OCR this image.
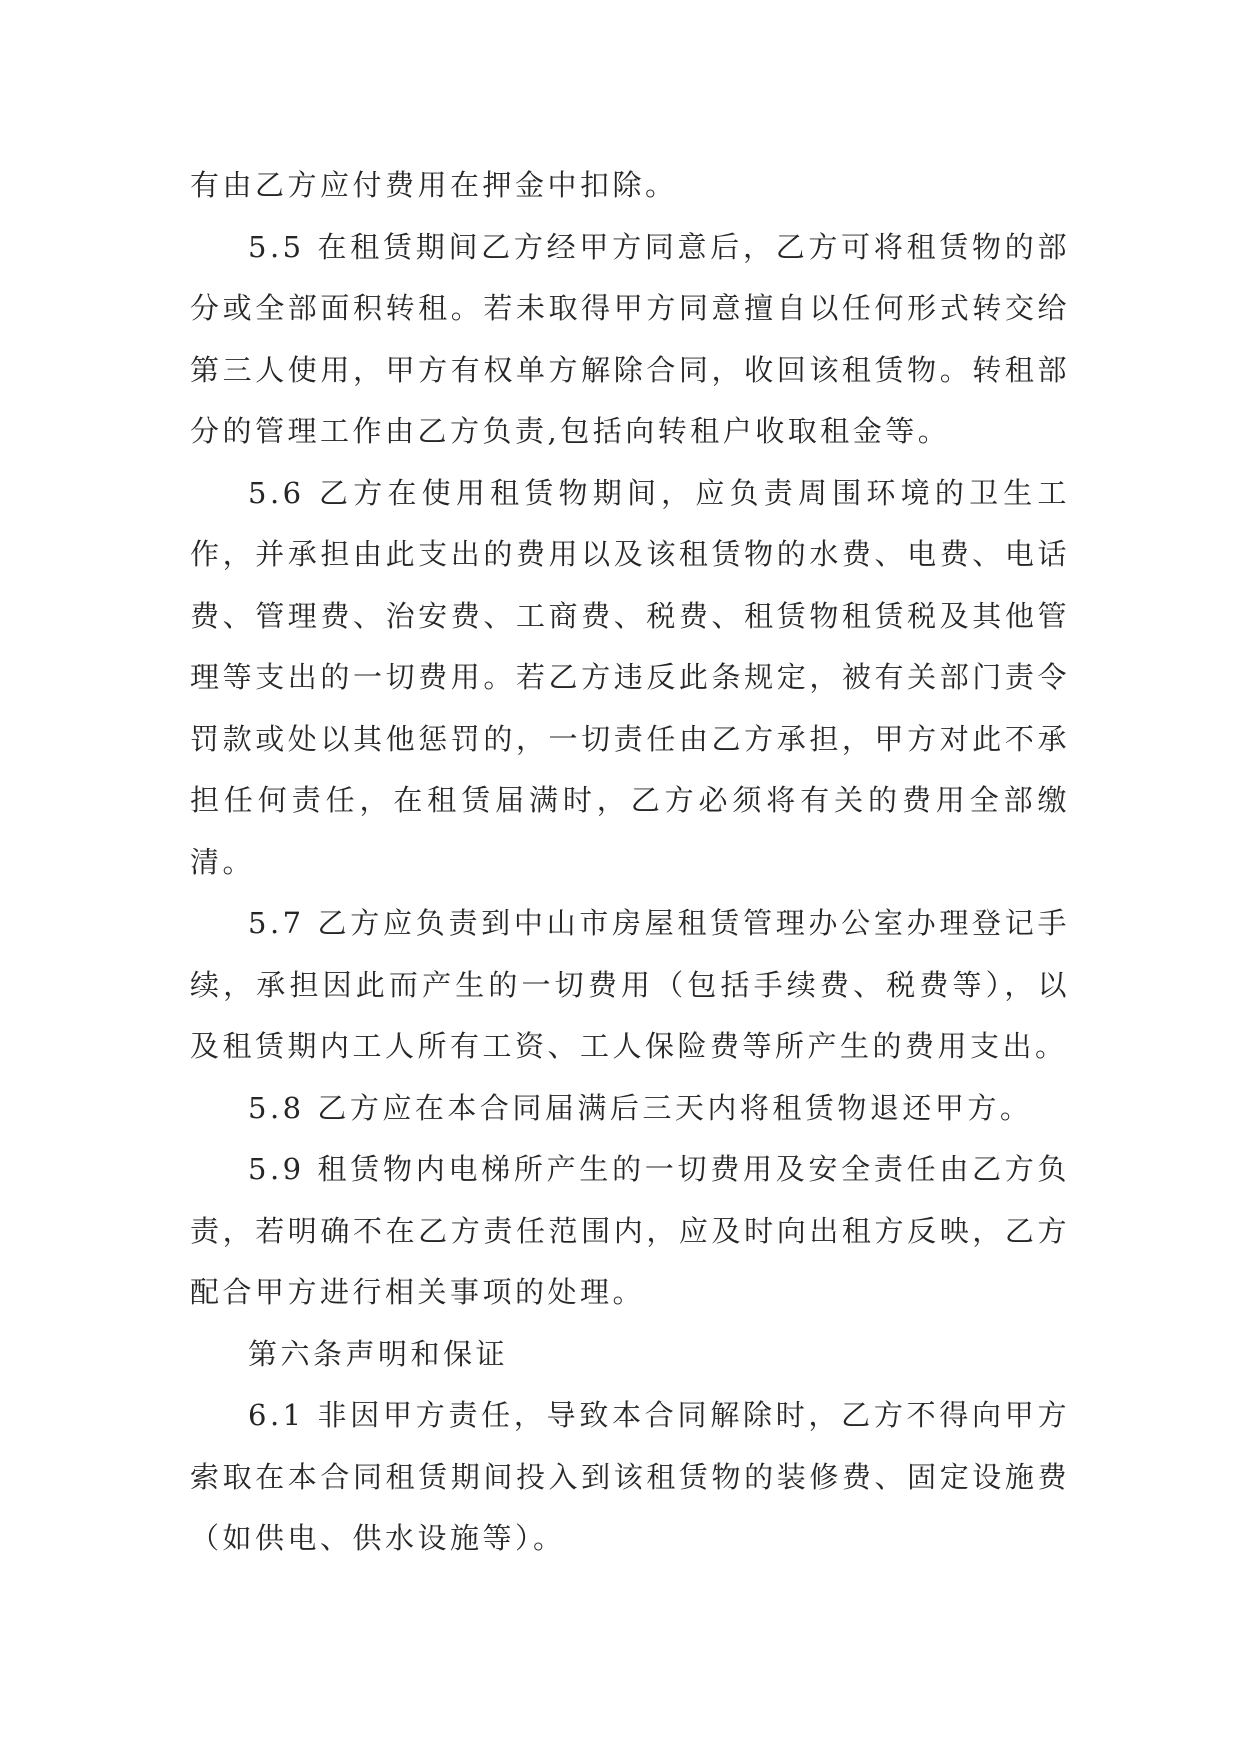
有由乙方应付费用在押金中扣除。

5.5 在租赁期间乙方经甲方同意后，乙方可将租赁物的部分或全部面积转租。若未取得甲方同意擅自以任何形式转交给第三人使用，甲方有权单方解除合同，收回该租赁物。转租部分的管理工作由乙方负责,包括向转租户收取租金等。

5.6 乙方在使用租赁物期间，应负责周围环境的卫生工作，并承担由此支出的费用以及该租赁物的水费、电费、电话费、管理费、治安费、工商费、税费、租赁物租赁税及其他管理等支出的一切费用。若乙方违反此条规定，被有关部门责令罚款或处以其他惩罚的，一切责任由乙方承担，甲方对此不承担任何责任，在租赁届满时，乙方必须将有关的费用全部缴清。

5.7 乙方应负责到中山市房屋租赁管理办公室办理登记手续，承担因此而产生的一切费用（包括手续费、税费等），以及租赁期内工人所有工资、工人保险费等所产生的费用支出。

5.8 乙方应在本合同届满后三天内将租赁物退还甲方。

5.9 租赁物内电梯所产生的一切费用及安全责任由乙方负责，若明确不在乙方责任范围内，应及时向出租方反映，乙方配合甲方进行相关事项的处理。

第六条声明和保证

6.1 非因甲方责任，导致本合同解除时，乙方不得向甲方索取在本合同租赁期间投入到该租赁物的装修费、固定设施费（如供电、供水设施等）。
